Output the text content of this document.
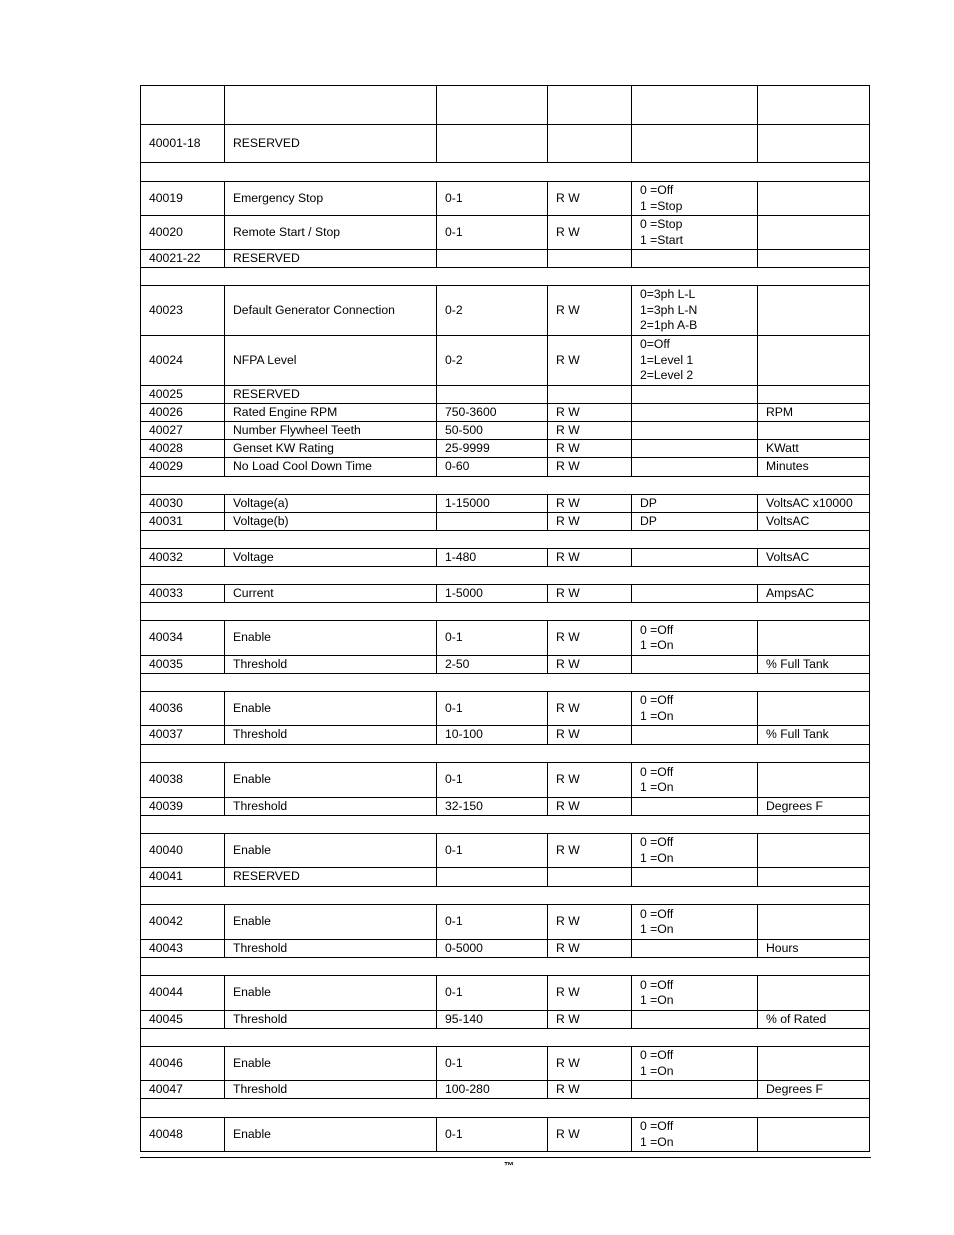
40001-18	RESERVED				

40019	Emergency Stop	0-1	R W	0 =Off
1 =Stop	
40020	Remote Start / Stop	0-1	R W	0 =Stop
1 =Start	
40021-22	RESERVED				

40023	Default Generator Connection	0-2	R W	0=3ph L-L
1=3ph L-N
2=1ph A-B	
40024	NFPA Level	0-2	R W	0=Off
1=Level 1
2=Level 2	
40025	RESERVED				
40026	Rated Engine RPM	750-3600	R W		RPM
40027	Number Flywheel Teeth	50-500	R W		
40028	Genset KW Rating	25-9999	R W		KWatt
40029	No Load Cool Down Time	0-60	R W		Minutes

40030	Voltage(a)	1-15000	R W	DP	VoltsAC x10000
40031	Voltage(b)		R W	DP	VoltsAC

40032	Voltage	1-480	R W		VoltsAC

40033	Current	1-5000	R W		AmpsAC

40034	Enable	0-1	R W	0 =Off
1 =On	
40035	Threshold	2-50	R W		% Full Tank

40036	Enable	0-1	R W	0 =Off
1 =On	
40037	Threshold	10-100	R W		% Full Tank

40038	Enable	0-1	R W	0 =Off
1 =On	
40039	Threshold	32-150	R W		Degrees F

40040	Enable	0-1	R W	0 =Off
1 =On	
40041	RESERVED				

40042	Enable	0-1	R W	0 =Off
1 =On	
40043	Threshold	0-5000	R W		Hours

40044	Enable	0-1	R W	0 =Off
1 =On	
40045	Threshold	95-140	R W		% of Rated

40046	Enable	0-1	R W	0 =Off
1 =On	
40047	Threshold	100-280	R W		Degrees F

40048	Enable	0-1	R W	0 =Off
1 =On	
™
